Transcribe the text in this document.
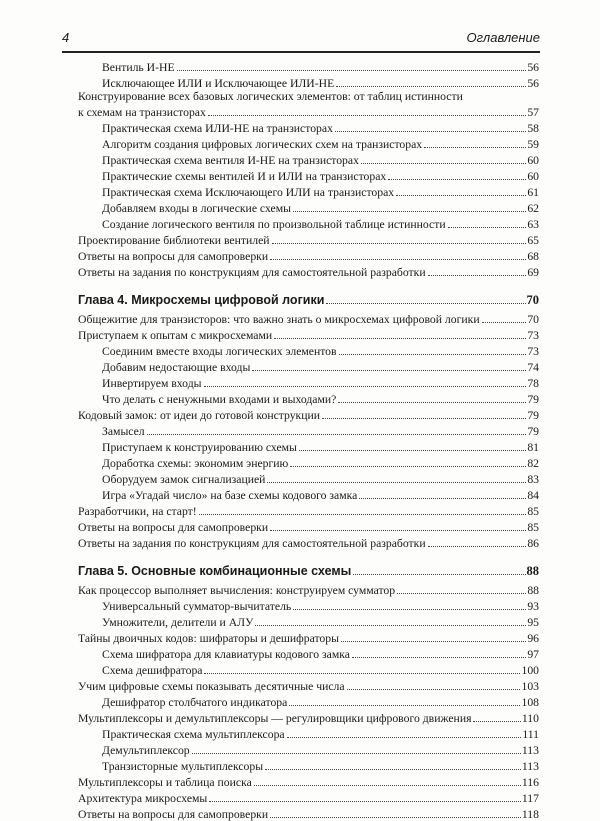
4	Оглавление
Вентиль И-НЕ	56
Исключающее ИЛИ и Исключающее ИЛИ-НЕ	56
Конструирование всех базовых логических элементов: от таблиц истинности
к схемам на транзисторах	57
Практическая схема ИЛИ-НЕ на транзисторах	58
Алгоритм создания цифровых логических схем на транзисторах	59
Практическая схема вентиля И-НЕ на транзисторах	60
Практические схемы вентилей И и ИЛИ на транзисторах	60
Практическая схема Исключающего ИЛИ на транзисторах	61
Добавляем входы в логические схемы	62
Создание логического вентиля по произвольной таблице истинности	63
Проектирование библиотеки вентилей	65
Ответы на вопросы для самопроверки	68
Ответы на задания по конструкциям для самостоятельной разработки	69
Глава 4. Микросхемы цифровой логики	70
Общежитие для транзисторов: что важно знать о микросхемах цифровой логики	70
Приступаем к опытам с микросхемами	73
Соединим вместе входы логических элементов	73
Добавим недостающие входы	74
Инвертируем входы	78
Что делать с ненужными входами и выходами?	79
Кодовый замок: от идеи до готовой конструкции	79
Замысел	79
Приступаем к конструированию схемы	81
Доработка схемы: экономим энергию	82
Оборудуем замок сигнализацией	83
Игра «Угадай число» на базе схемы кодового замка	84
Разработчики, на старт!	85
Ответы на вопросы для самопроверки	85
Ответы на задания по конструкциям для самостоятельной разработки	86
Глава 5. Основные комбинационные схемы	88
Как процессор выполняет вычисления: конструируем сумматор	88
Универсальный сумматор-вычитатель	93
Умножители, делители и АЛУ	95
Тайны двоичных кодов: шифраторы и дешифраторы	96
Схема шифратора для клавиатуры кодового замка	97
Схема дешифратора	100
Учим цифровые схемы показывать десятичные числа	103
Дешифратор столбчатого индикатора	108
Мультиплексоры и демультиплексоры — регулировщики цифрового движения	110
Практическая схема мультиплексора	111
Демультиплексор	113
Транзисторные мультиплексоры	113
Мультиплексоры и таблица поиска	116
Архитектура микросхемы	117
Ответы на вопросы для самопроверки	118
